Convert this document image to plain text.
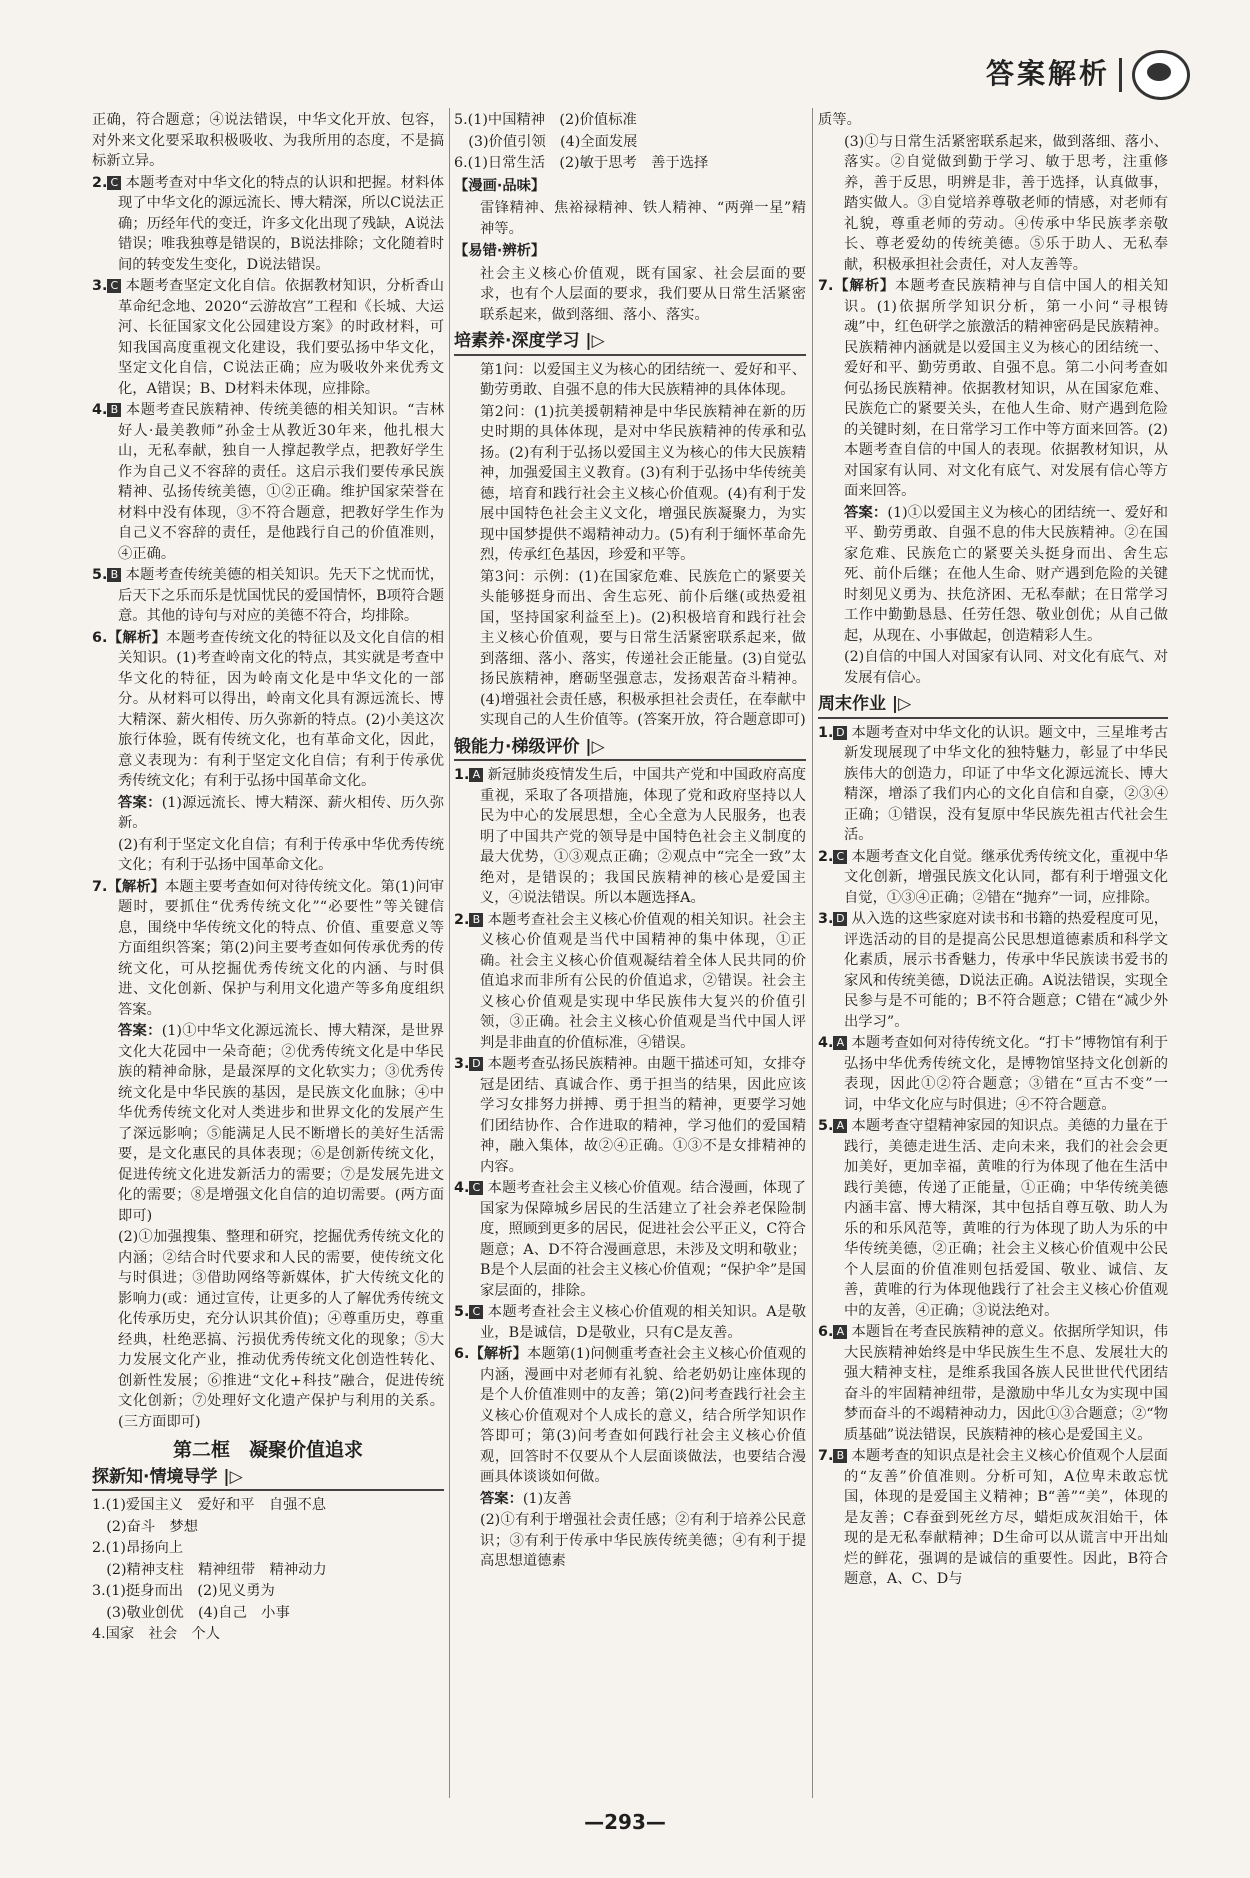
答案解析

正确，符合题意；④说法错误，中华文化开放、包容，对外来文化要采取积极吸收、为我所用的态度，不是搞标新立异。

2. C 本题考查对中华文化的特点的认识和把握。材料体现了中华文化的源远流长、博大精深，所以C说法正确；历经年代的变迁，许多文化出现了残缺，A说法错误；唯我独尊是错误的，B说法排除；文化随着时间的转变发生变化，D说法错误。

3. C 本题考查坚定文化自信。依据教材知识，分析香山革命纪念地、2020“云游故宫”工程和《长城、大运河、长征国家文化公园建设方案》的时政材料，可知我国高度重视文化建设，我们要弘扬中华文化，坚定文化自信，C说法正确；应为吸收外来优秀文化，A错误；B、D材料未体现，应排除。

4. B 本题考查民族精神、传统美德的相关知识。“吉林好人·最美教师”孙金士从教近30年来，他扎根大山，无私奉献，独自一人撑起教学点，把教好学生作为自己义不容辞的责任。这启示我们要传承民族精神、弘扬传统美德，①②正确。维护国家荣誉在材料中没有体现，③不符合题意，把教好学生作为自己义不容辞的责任，是他践行自己的价值准则，④正确。

5. B 本题考查传统美德的相关知识。先天下之忧而忧，后天下之乐而乐是忧国忧民的爱国情怀，B项符合题意。其他的诗句与对应的美德不符合，均排除。

6.【解析】本题考查传统文化的特征以及文化自信的相关知识。(1)考查岭南文化的特点，其实就是考查中华文化的特征，因为岭南文化是中华文化的一部分。从材料可以得出，岭南文化具有源远流长、博大精深、薪火相传、历久弥新的特点。(2)小美这次旅行体验，既有传统文化，也有革命文化，因此，意义表现为：有利于坚定文化自信；有利于传承优秀传统文化；有利于弘扬中国革命文化。

答案：(1)源远流长、博大精深、薪火相传、历久弥新。

(2)有利于坚定文化自信；有利于传承中华优秀传统文化；有利于弘扬中国革命文化。

7.【解析】本题主要考查如何对待传统文化。第(1)问审题时，要抓住“优秀传统文化”“必要性”等关键信息，围绕中华传统文化的特点、价值、重要意义等方面组织答案；第(2)问主要考查如何传承优秀的传统文化，可从挖掘优秀传统文化的内涵、与时俱进、文化创新、保护与利用文化遗产等多角度组织答案。

答案：(1)①中华文化源远流长、博大精深，是世界文化大花园中一朵奇葩；②优秀传统文化是中华民族的精神命脉，是最深厚的文化软实力；③优秀传统文化是中华民族的基因，是民族文化血脉；④中华优秀传统文化对人类进步和世界文化的发展产生了深远影响；⑤能满足人民不断增长的美好生活需要，是文化惠民的具体表现；⑥是创新传统文化，促进传统文化进发新活力的需要；⑦是发展先进文化的需要；⑧是增强文化自信的迫切需要。(两方面即可)

(2)①加强搜集、整理和研究，挖掘优秀传统文化的内涵；②结合时代要求和人民的需要，使传统文化与时俱进；③借助网络等新媒体，扩大传统文化的影响力(或：通过宣传，让更多的人了解优秀传统文化传承历史，充分认识其价值)；④尊重历史，尊重经典，杜绝恶搞、污损优秀传统文化的现象；⑤大力发展文化产业，推动优秀传统文化创造性转化、创新性发展；⑥推进“文化+科技”融合，促进传统文化创新；⑦处理好文化遗产保护与利用的关系。(三方面即可)

第二框　凝聚价值追求
探新知·情境导学 |▷

1.(1)爱国主义　爱好和平　自强不息

　(2)奋斗　梦想

2.(1)昂扬向上

　(2)精神支柱　精神纽带　精神动力

3.(1)挺身而出　(2)见义勇为

　(3)敬业创优　(4)自己　小事

4.国家　社会　个人

5.(1)中国精神　(2)价值标准

　(3)价值引领　(4)全面发展

6.(1)日常生活　(2)敏于思考　善于选择

【漫画·品味】

雷锋精神、焦裕禄精神、铁人精神、“两弹一星”精神等。

【易错·辨析】

社会主义核心价值观，既有国家、社会层面的要求，也有个人层面的要求，我们要从日常生活紧密联系起来，做到落细、落小、落实。

培素养·深度学习 |▷

第1问：以爱国主义为核心的团结统一、爱好和平、勤劳勇敢、自强不息的伟大民族精神的具体体现。

第2问：(1)抗美援朝精神是中华民族精神在新的历史时期的具体体现，是对中华民族精神的传承和弘扬。(2)有利于弘扬以爱国主义为核心的伟大民族精神，加强爱国主义教育。(3)有利于弘扬中华传统美德，培育和践行社会主义核心价值观。(4)有利于发展中国特色社会主义文化，增强民族凝聚力，为实现中国梦提供不竭精神动力。(5)有利于缅怀革命先烈，传承红色基因，珍爱和平等。

第3问：示例：(1)在国家危难、民族危亡的紧要关头能够挺身而出、舍生忘死、前仆后继(或热爱祖国，坚持国家利益至上)。(2)积极培育和践行社会主义核心价值观，要与日常生活紧密联系起来，做到落细、落小、落实，传递社会正能量。(3)自觉弘扬民族精神，磨砺坚强意志，发扬艰苦奋斗精神。(4)增强社会责任感，积极承担社会责任，在奉献中实现自己的人生价值等。(答案开放，符合题意即可)

锻能力·梯级评价 |▷

1. A 新冠肺炎疫情发生后，中国共产党和中国政府高度重视，采取了各项措施，体现了党和政府坚持以人民为中心的发展思想，全心全意为人民服务，也表明了中国共产党的领导是中国特色社会主义制度的最大优势，①③观点正确；②观点中“完全一致”太绝对，是错误的；我国民族精神的核心是爱国主义，④说法错误。所以本题选择A。

2. B 本题考查社会主义核心价值观的相关知识。社会主义核心价值观是当代中国精神的集中体现，①正确。社会主义核心价值观凝结着全体人民共同的价值追求而非所有公民的价值追求，②错误。社会主义核心价值观是实现中华民族伟大复兴的价值引领，③正确。社会主义核心价值观是当代中国人评判是非曲直的价值标准，④错误。

3. D 本题考查弘扬民族精神。由题干描述可知，女排夺冠是团结、真诚合作、勇于担当的结果，因此应该学习女排努力拼搏、勇于担当的精神，更要学习她们团结协作、合作进取的精神，学习他们的爱国精神，融入集体，故②④正确。①③不是女排精神的内容。

4. C 本题考查社会主义核心价值观。结合漫画，体现了国家为保障城乡居民的生活建立了社会养老保险制度，照顾到更多的居民，促进社会公平正义，C符合题意；A、D不符合漫画意思，未涉及文明和敬业；B是个人层面的社会主义核心价值观；“保护伞”是国家层面的，排除。

5. C 本题考查社会主义核心价值观的相关知识。A是敬业，B是诚信，D是敬业，只有C是友善。

6.【解析】本题第(1)问侧重考查社会主义核心价值观的内涵，漫画中对老师有礼貌、给老奶奶让座体现的是个人价值准则中的友善；第(2)问考查践行社会主义核心价值观对个人成长的意义，结合所学知识作答即可；第(3)问考查如何践行社会主义核心价值观，回答时不仅要从个人层面谈做法，也要结合漫画具体谈谈如何做。

答案：(1)友善

(2)①有利于增强社会责任感；②有利于培养公民意识；③有利于传承中华民族传统美德；④有利于提高思想道德素

质等。

(3)①与日常生活紧密联系起来，做到落细、落小、落实。②自觉做到勤于学习、敏于思考，注重修养，善于反思，明辨是非，善于选择，认真做事，踏实做人。③自觉培养尊敬老师的情感，对老师有礼貌，尊重老师的劳动。④传承中华民族孝亲敬长、尊老爱幼的传统美德。⑤乐于助人、无私奉献，积极承担社会责任，对人友善等。

7.【解析】本题考查民族精神与自信中国人的相关知识。(1)依据所学知识分析，第一小问“寻根铸魂”中，红色研学之旅激活的精神密码是民族精神。民族精神内涵就是以爱国主义为核心的团结统一、爱好和平、勤劳勇敢、自强不息。第二小问考查如何弘扬民族精神。依据教材知识，从在国家危难、民族危亡的紧要关头，在他人生命、财产遇到危险的关键时刻，在日常学习工作中等方面来回答。(2)本题考查自信的中国人的表现。依据教材知识，从对国家有认同、对文化有底气、对发展有信心等方面来回答。

答案：(1)①以爱国主义为核心的团结统一、爱好和平、勤劳勇敢、自强不息的伟大民族精神。②在国家危难、民族危亡的紧要关头挺身而出、舍生忘死、前仆后继；在他人生命、财产遇到危险的关键时刻见义勇为、扶危济困、无私奉献；在日常学习工作中勤勤恳恳、任劳任怨、敬业创优；从自己做起，从现在、小事做起，创造精彩人生。

(2)自信的中国人对国家有认同、对文化有底气、对发展有信心。

周末作业 |▷

1. D 本题考查对中华文化的认识。题文中，三星堆考古新发现展现了中华文化的独特魅力，彰显了中华民族伟大的创造力，印证了中华文化源远流长、博大精深，增添了我们内心的文化自信和自豪，②③④正确；①错误，没有复原中华民族先祖古代社会生活。

2. C 本题考查文化自觉。继承优秀传统文化，重视中华文化创新，增强民族文化认同，都有利于增强文化自觉，①③④正确；②错在“抛弃”一词，应排除。

3. D 从入选的这些家庭对读书和书籍的热爱程度可见，评选活动的目的是提高公民思想道德素质和科学文化素质，展示书香魅力，传承中华民族读书爱书的家风和传统美德，D说法正确。A说法错误，实现全民参与是不可能的；B不符合题意；C错在“减少外出学习”。

4. A 本题考查如何对待传统文化。“打卡”博物馆有利于弘扬中华优秀传统文化，是博物馆坚持文化创新的表现，因此①②符合题意；③错在“亘古不变”一词，中华文化应与时俱进；④不符合题意。

5. A 本题考查守望精神家园的知识点。美德的力量在于践行，美德走进生活、走向未来，我们的社会会更加美好，更加幸福，黄唯的行为体现了他在生活中践行美德，传递了正能量，①正确；中华传统美德内涵丰富、博大精深，其中包括自尊互敬、助人为乐的和乐风范等，黄唯的行为体现了助人为乐的中华传统美德，②正确；社会主义核心价值观中公民个人层面的价值准则包括爱国、敬业、诚信、友善，黄唯的行为体现他践行了社会主义核心价值观中的友善，④正确；③说法绝对。

6. A 本题旨在考查民族精神的意义。依据所学知识，伟大民族精神始终是中华民族生生不息、发展壮大的强大精神支柱，是维系我国各族人民世世代代团结奋斗的牢固精神纽带，是激励中华儿女为实现中国梦而奋斗的不竭精神动力，因此①③合题意；②“物质基础”说法错误，民族精神的核心是爱国主义。

7. B 本题考查的知识点是社会主义核心价值观个人层面的“友善”价值准则。分析可知，A位卑未敢忘忧国，体现的是爱国主义精神；B“善”“美”，体现的是友善；C春蚕到死丝方尽，蜡炬成灰泪始干，体现的是无私奉献精神；D生命可以从谎言中开出灿烂的鲜花，强调的是诚信的重要性。因此，B符合题意，A、C、D与

—293—
